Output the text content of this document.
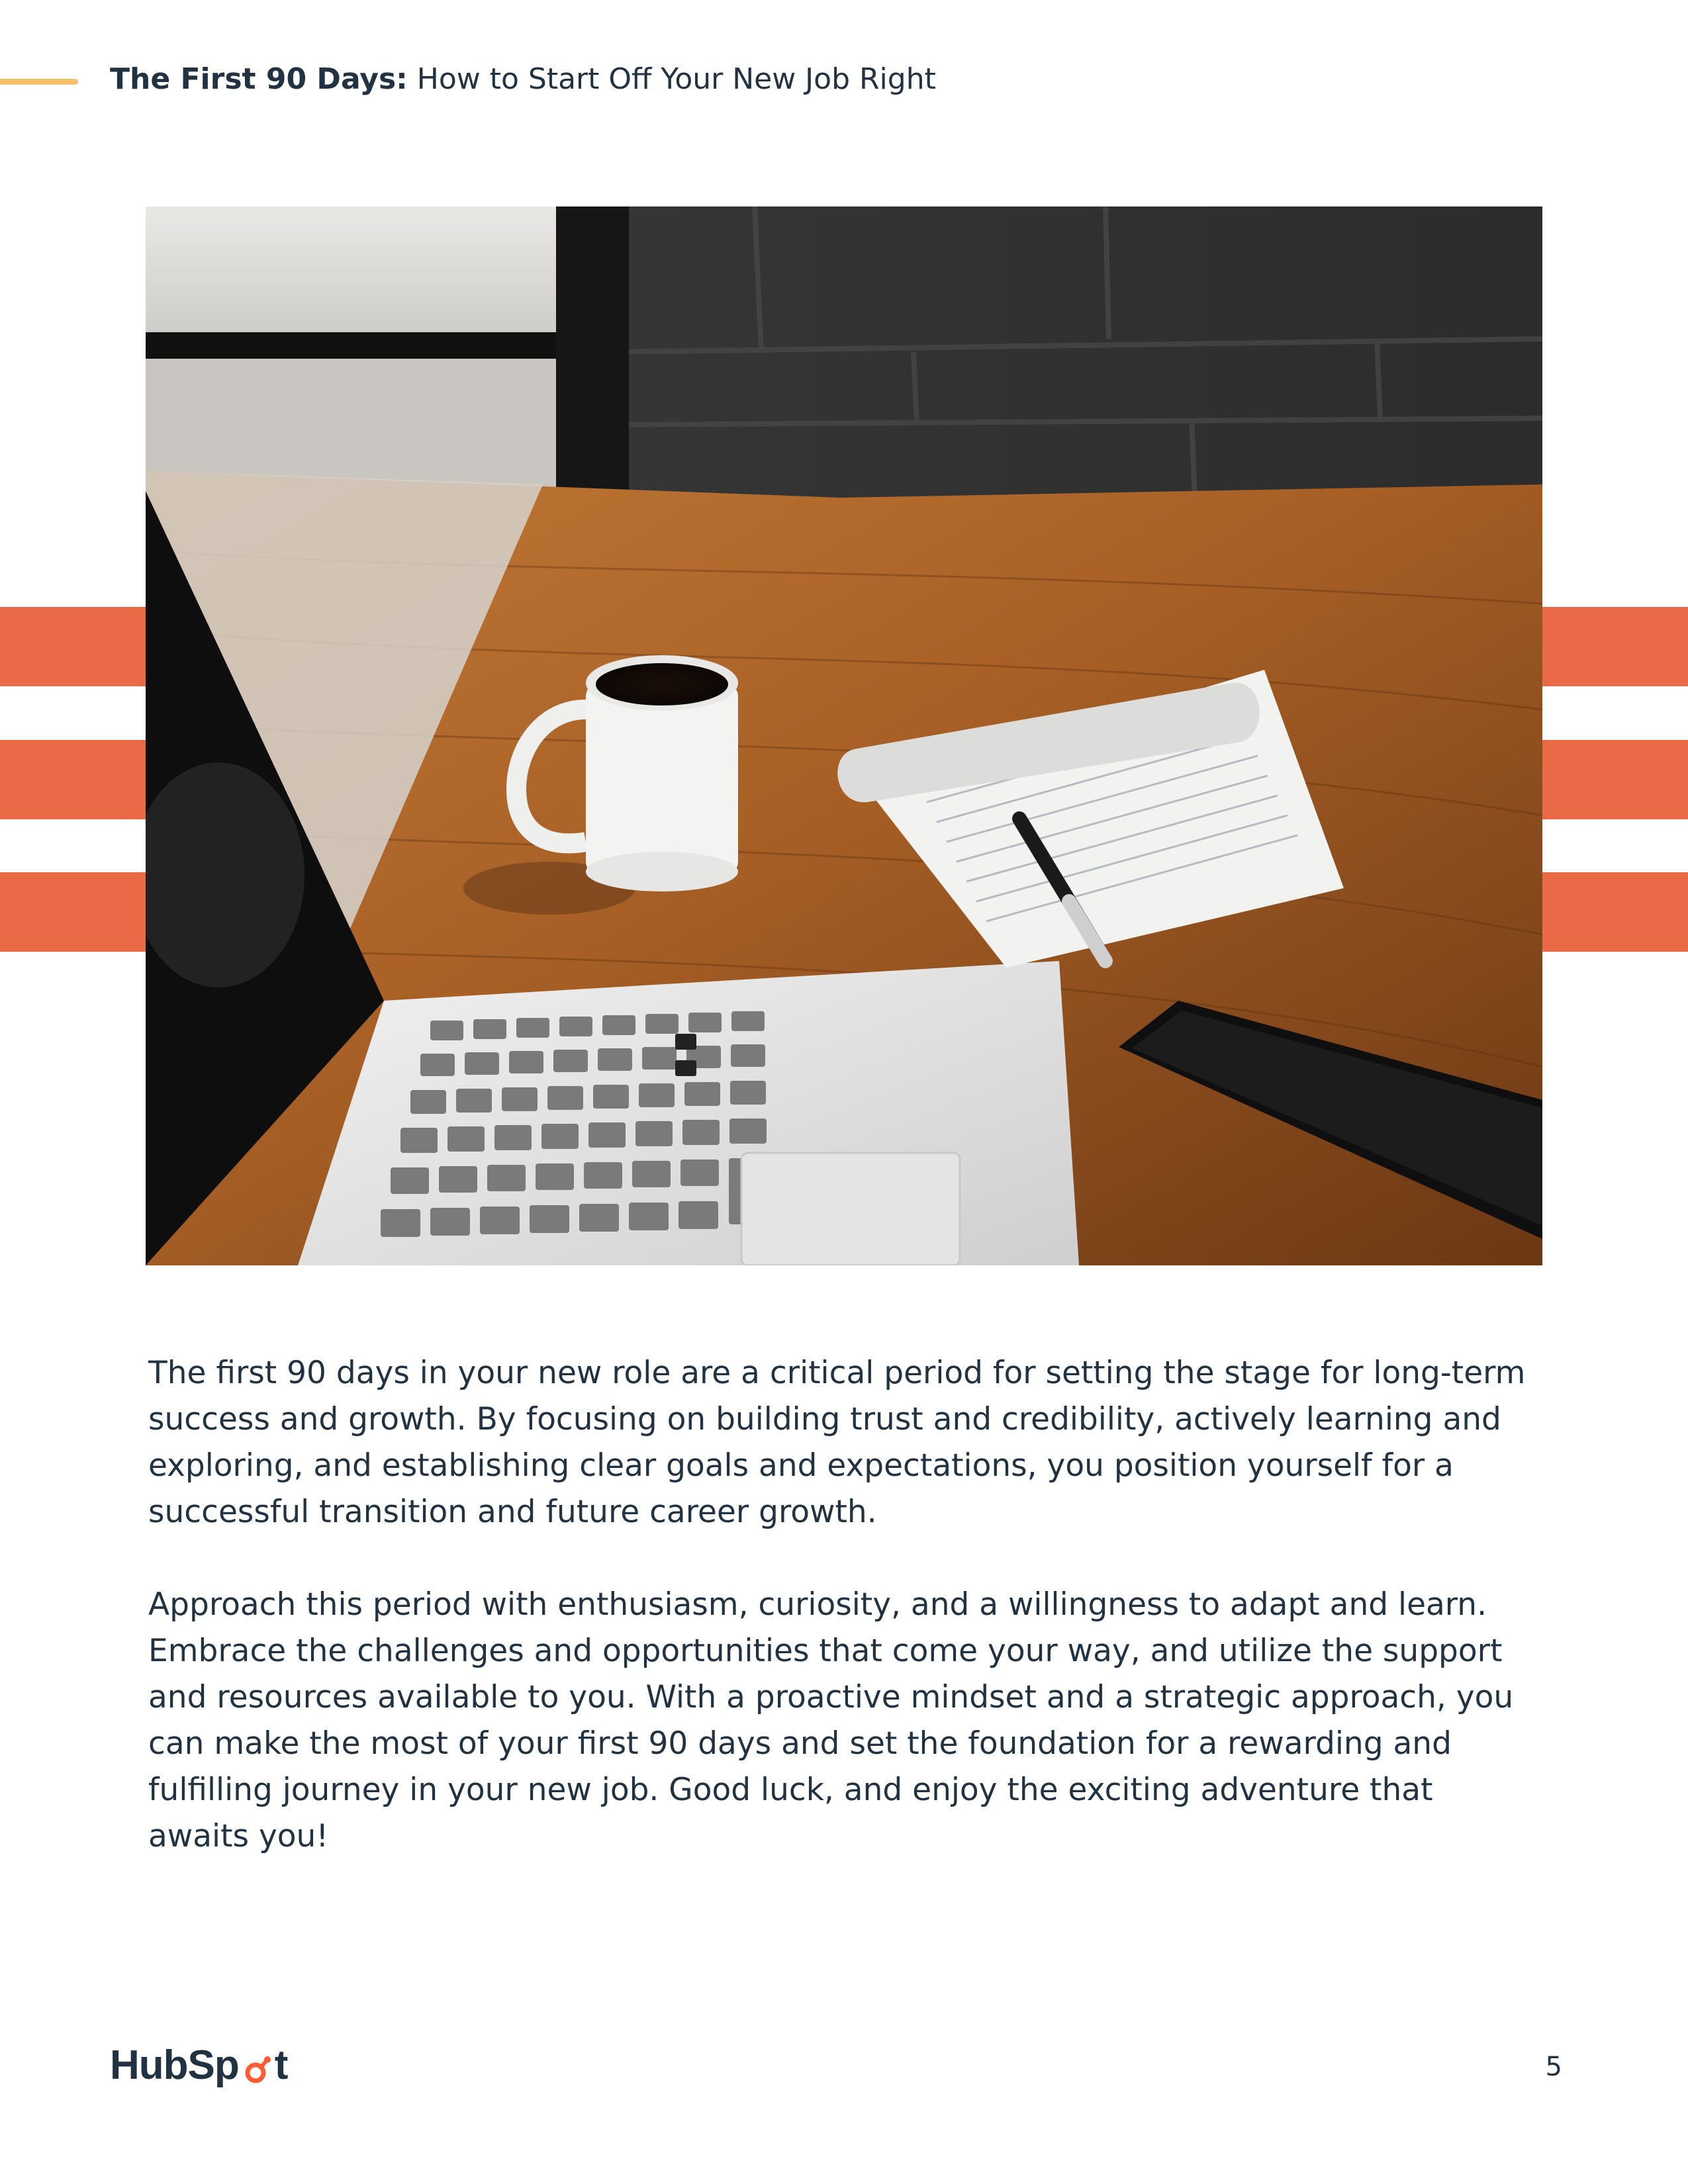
The First 90 Days: How to Start Off Your New Job Right

The first 90 days in your new role are a critical period for setting the stage for long-term success and growth. By focusing on building trust and credibility, actively learning and exploring, and establishing clear goals and expectations, you position yourself for a successful transition and future career growth.

Approach this period with enthusiasm, curiosity, and a willingness to adapt and learn. Embrace the challenges and opportunities that come your way, and utilize the support and resources available to you. With a proactive mindset and a strategic approach, you can make the most of your first 90 days and set the foundation for a rewarding and fulfilling journey in your new job. Good luck, and enjoy the exciting adventure that awaits you!

HubSp t	5
